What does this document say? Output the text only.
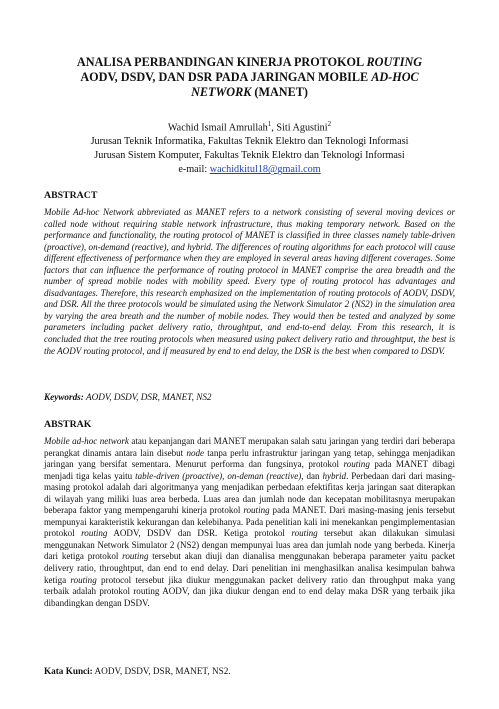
ANALISA PERBANDINGAN KINERJA PROTOKOL ROUTING
AODV, DSDV, DAN DSR PADA JARINGAN MOBILE AD-HOC
NETWORK (MANET)
Wachid Ismail Amrullah$^1$, Siti Agustini$^2$
Jurusan Teknik Informatika, Fakultas Teknik Elektro dan Teknologi Informasi
Jurusan Sistem Komputer, Fakultas Teknik Elektro dan Teknologi Informasi
e-mail: wachidkitul18@gmail.com
ABSTRACT
Mobile Ad-hoc Network abbreviated as MANET refers to a network consisting of several moving devices or called node without requiring stable network infrastructure, thus making temporary network. Based on the performance and functionality, the routing protocol of MANET is classified in three classes namely table-driven (proactive), on-demand (reactive), and hybrid. The differences of routing algorithms for each protocol will cause different effectiveness of performance when they are employed in several areas having different coverages. Some factors that can influence the performance of routing protocol in MANET comprise the area breadth and the number of spread mobile nodes with mobility speed. Every type of routing protocol has advantages and disadvantages. Therefore, this research emphasized on the implementation of routing protocols of AODV, DSDV, and DSR. All the three protocols would be simulated using the Network Simulator 2 (NS2) in the simulation area by varying the area breath and the number of mobile nodes. They would then be tested and analyzed by some parameters including packet delivery ratio, throughtput, and end-to-end delay. From this research, it is concluded that the tree routing protocols when measured using pakect delivery ratio and throughtput, the best is the AODV routing protocol, and if measured by end to end delay, the DSR is the best when compared to DSDV.
Keywords: AODV, DSDV, DSR, MANET, NS2
ABSTRAK
Mobile ad-hoc network atau kepanjangan dari MANET merupakan salah satu jaringan yang terdiri dari beberapa perangkat dinamis antara lain disebut node tanpa perlu infrastruktur jaringan yang tetap, sehingga menjadikan jaringan yang bersifat sementara. Menurut performa dan fungsinya, protokol routing pada MANET dibagi menjadi tiga kelas yaitu table-driven (proactive), on-deman (reactive), dan hybrid. Perbedaan dari dari masing-masing protokol adalah dari algoritmanya yang menjadikan perbedaan efektifitas kerja jaringan saat diterapkan di wilayah yang miliki luas area berbeda. Luas area dan jumlah node dan kecepatan mobilitasnya merupakan beberapa faktor yang mempengaruhi kinerja protokol routing pada MANET. Dari masing-masing jenis tersebut mempunyai karakteristik kekurangan dan kelebihanya. Pada penelitian kali ini menekankan pengimplementasian protokol routing AODV, DSDV dan DSR. Ketiga protokol routing tersebut akan dilakukan simulasi menggunakan Network Simulator 2 (NS2) dengan mempunyai luas area dan jumlah node yang berbeda. Kinerja dari ketiga protokol routing tersebut akan diuji dan dianalisa menggunakan beberapa parameter yaitu packet delivery ratio, throughtput, dan end to end delay. Dari penelitian ini menghasilkan analisa kesimpulan bahwa ketiga routing protocol tersebut jika diukur menggunakan packet delivery ratio dan throughput maka yang terbaik adalah protokol routing AODV, dan jika diukur dengan end to end delay maka DSR yang terbaik jika dibandingkan dengan DSDV.
Kata Kunci: AODV, DSDV, DSR, MANET, NS2.
